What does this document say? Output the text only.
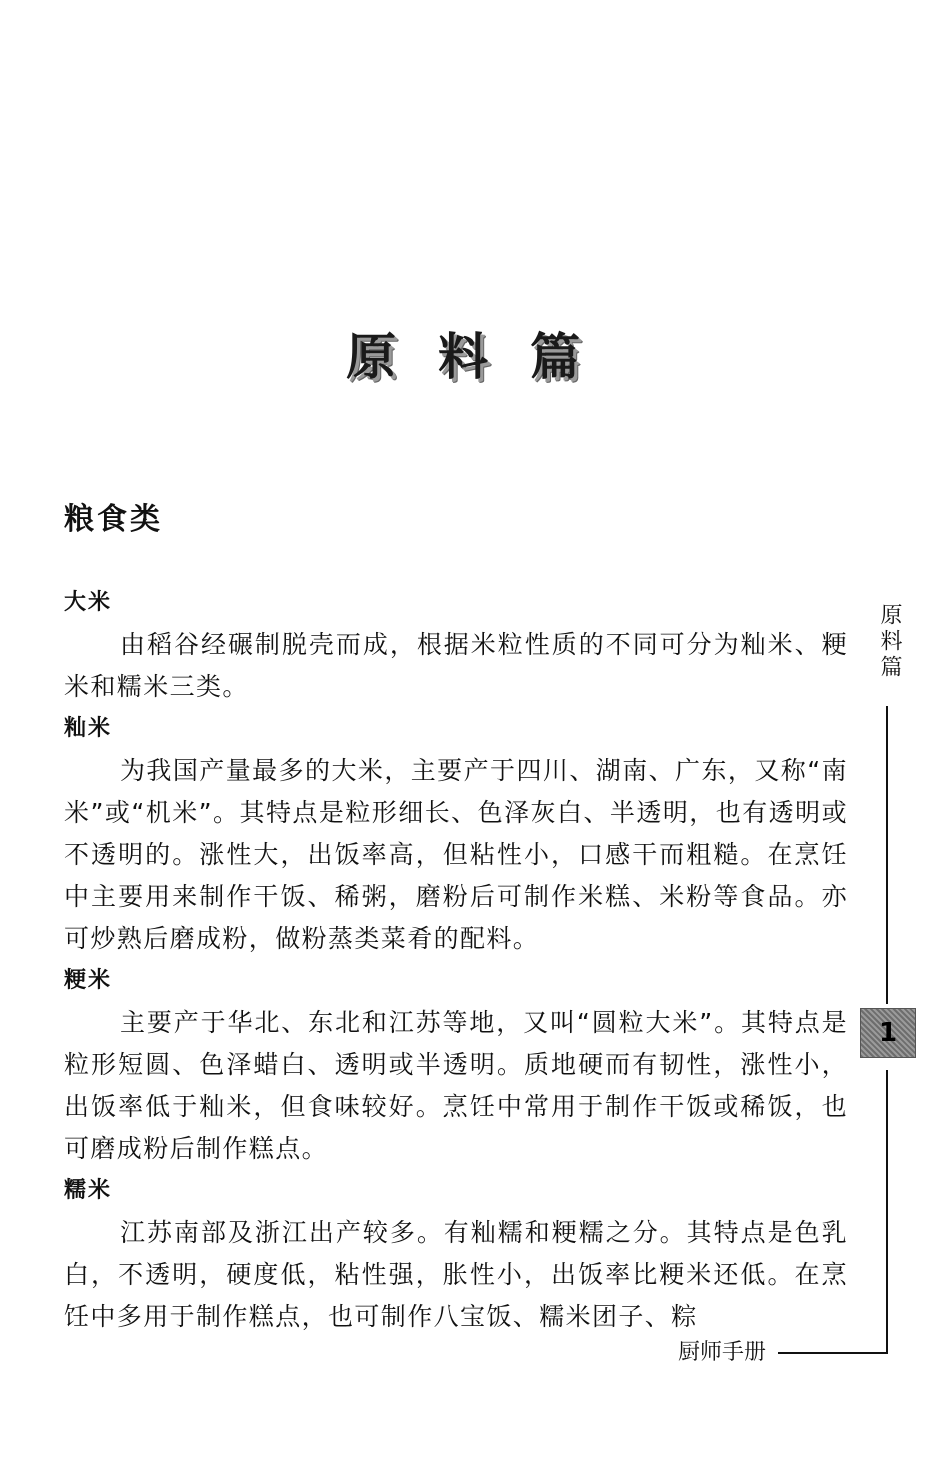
原料篇
粮食类
大米

由稻谷经碾制脱壳而成，根据米粒性质的不同可分为籼米、粳米和糯米三类。

籼米

为我国产量最多的大米，主要产于四川、湖南、广东，又称“南米”或“机米”。其特点是粒形细长、色泽灰白、半透明，也有透明或不透明的。涨性大，出饭率高，但粘性小，口感干而粗糙。在烹饪中主要用来制作干饭、稀粥，磨粉后可制作米糕、米粉等食品。亦可炒熟后磨成粉，做粉蒸类菜肴的配料。

粳米

主要产于华北、东北和江苏等地，又叫“圆粒大米”。其特点是粒形短圆、色泽蜡白、透明或半透明。质地硬而有韧性，涨性小，出饭率低于籼米，但食味较好。烹饪中常用于制作干饭或稀饭，也可磨成粉后制作糕点。

糯米

江苏南部及浙江出产较多。有籼糯和粳糯之分。其特点是色乳白，不透明，硬度低，粘性强，胀性小，出饭率比粳米还低。在烹饪中多用于制作糕点，也可制作八宝饭、糯米团子、粽

原料篇
1
厨师手册
